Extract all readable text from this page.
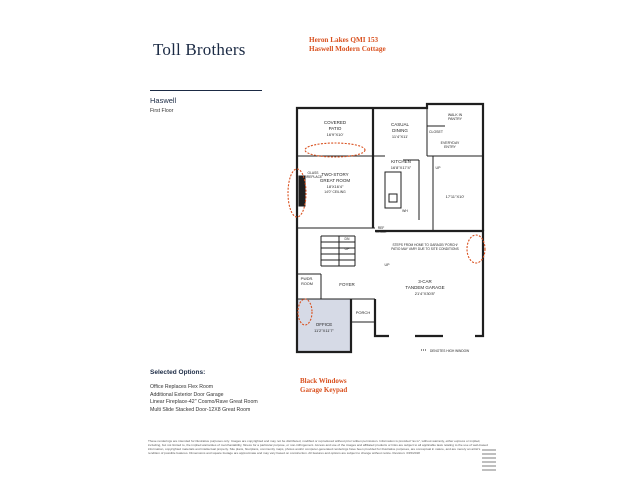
Toll Brothers	Heron Lakes QMI 153
Haswell Modern Cottage
Haswell
First Floor
COVERED
PATIO
16'9"X10'
CASUAL
DINING
11'4"X11'
WALK IN
PANTRY
CLOSET
EVERYDAY
ENTRY
KITCHEN
16'8"X17'4"
GLASS
FIREPLACE TWO-STORY
GREAT ROOM
18'X16'4"
14'0" CEILING
17'11"X10'
REF
SPACE
STEPS FROM HOME TO GARAGE/ PORCH/
PATIO MAY VARY DUE TO SITE CONDITIONS
3-CAR
TANDEM GARAGE
21'4"X30'8"
PWDR.
ROOM	FOYER
PORCH
OFFICE
11'2"X11'7"
UP
UP
UP
DN
WH
DENOTES HIGH WINDOW
Selected Options:
Office Replaces Flex Room
Additional Exterior Door Garage
Linear Fireplace-42" Cosmo/Rave Great Room
Multi Slide Stacked Door-12X8 Great Room
Black Windows
Garage Keypad
These renderings are intended for illustrative purposes only. Images are copyrighted and may not be distributed, modified or reproduced without prior written permission. Information is provided "as is", without warranty, either express or implied, including, but not limited to, the implied warranties of merchantability, fitness for a particular purpose, or non-infringement. Access and use of the images and affiliated products or links are subject to all applicable laws relating to the use of web-based information, copyrighted materials and intellectual property. Site plans, floorplans, community maps, photos and/or computer-generated renderings have been provided for illustrative purposes, are conceptual in nature, and are merely an artist's rendition of possible features. Dimensions and square footage are approximate and may vary based on construction. All features and options are subject to change without notice. Revision: 3/15/2018
